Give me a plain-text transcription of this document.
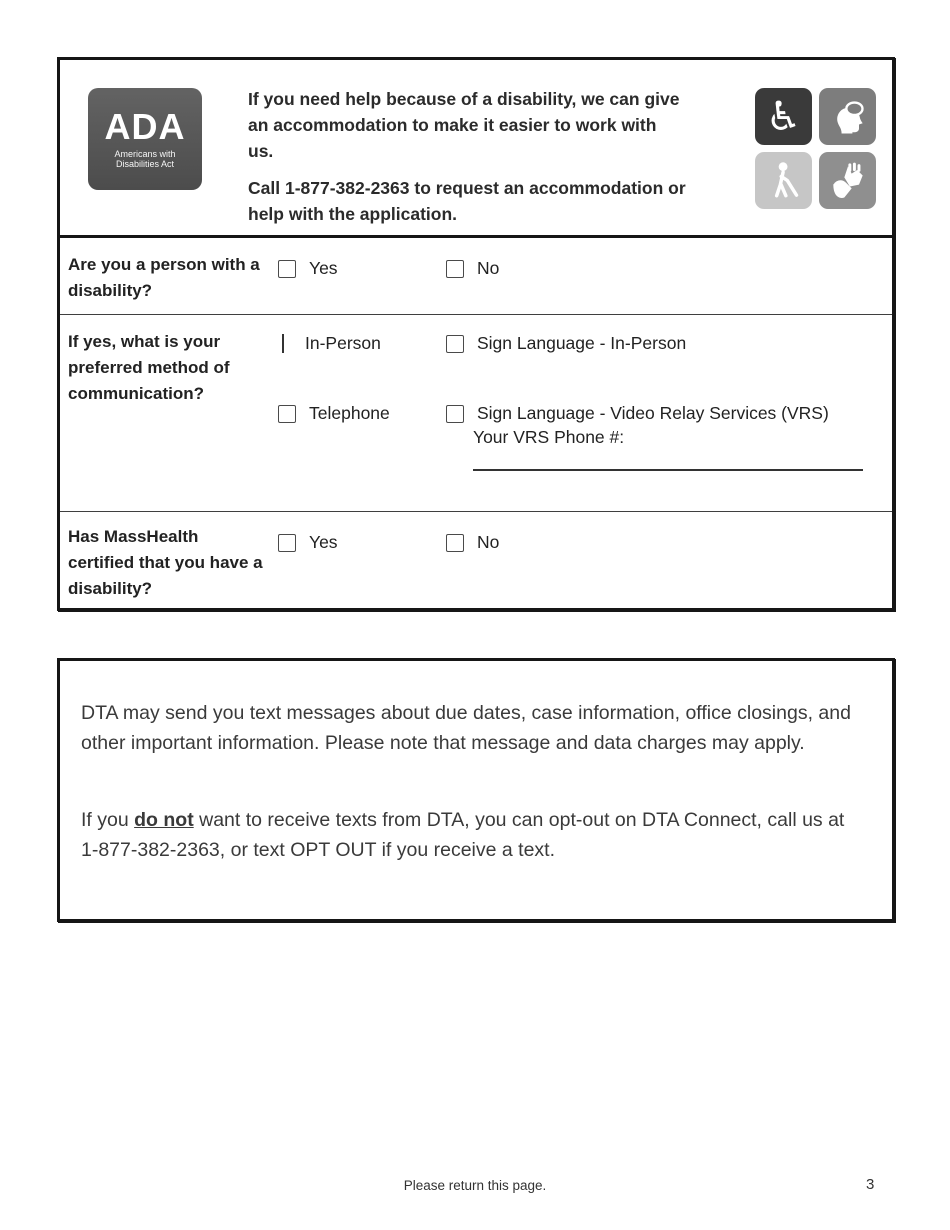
ADA
Americans with Disabilities Act

If you need help because of a disability, we can give an accommodation to make it easier to work with us.

Call 1-877-382-2363 to request an accommodation or help with the application.

♿
Are you a person with a disability?
Yes	No
If yes, what is your preferred method of communication?
In-Person	Sign Language - In-Person
Telephone	Sign Language - Video Relay Services (VRS)
Your VRS Phone #:
Has MassHealth certified that you have a disability?
Yes	No

DTA may send you text messages about due dates, case information, office closings, and other important information. Please note that message and data charges may apply.

If you do not want to receive texts from DTA, you can opt-out on DTA Connect, call us at 1-877-382-2363, or text OPT OUT if you receive a text.

Please return this page.	3
